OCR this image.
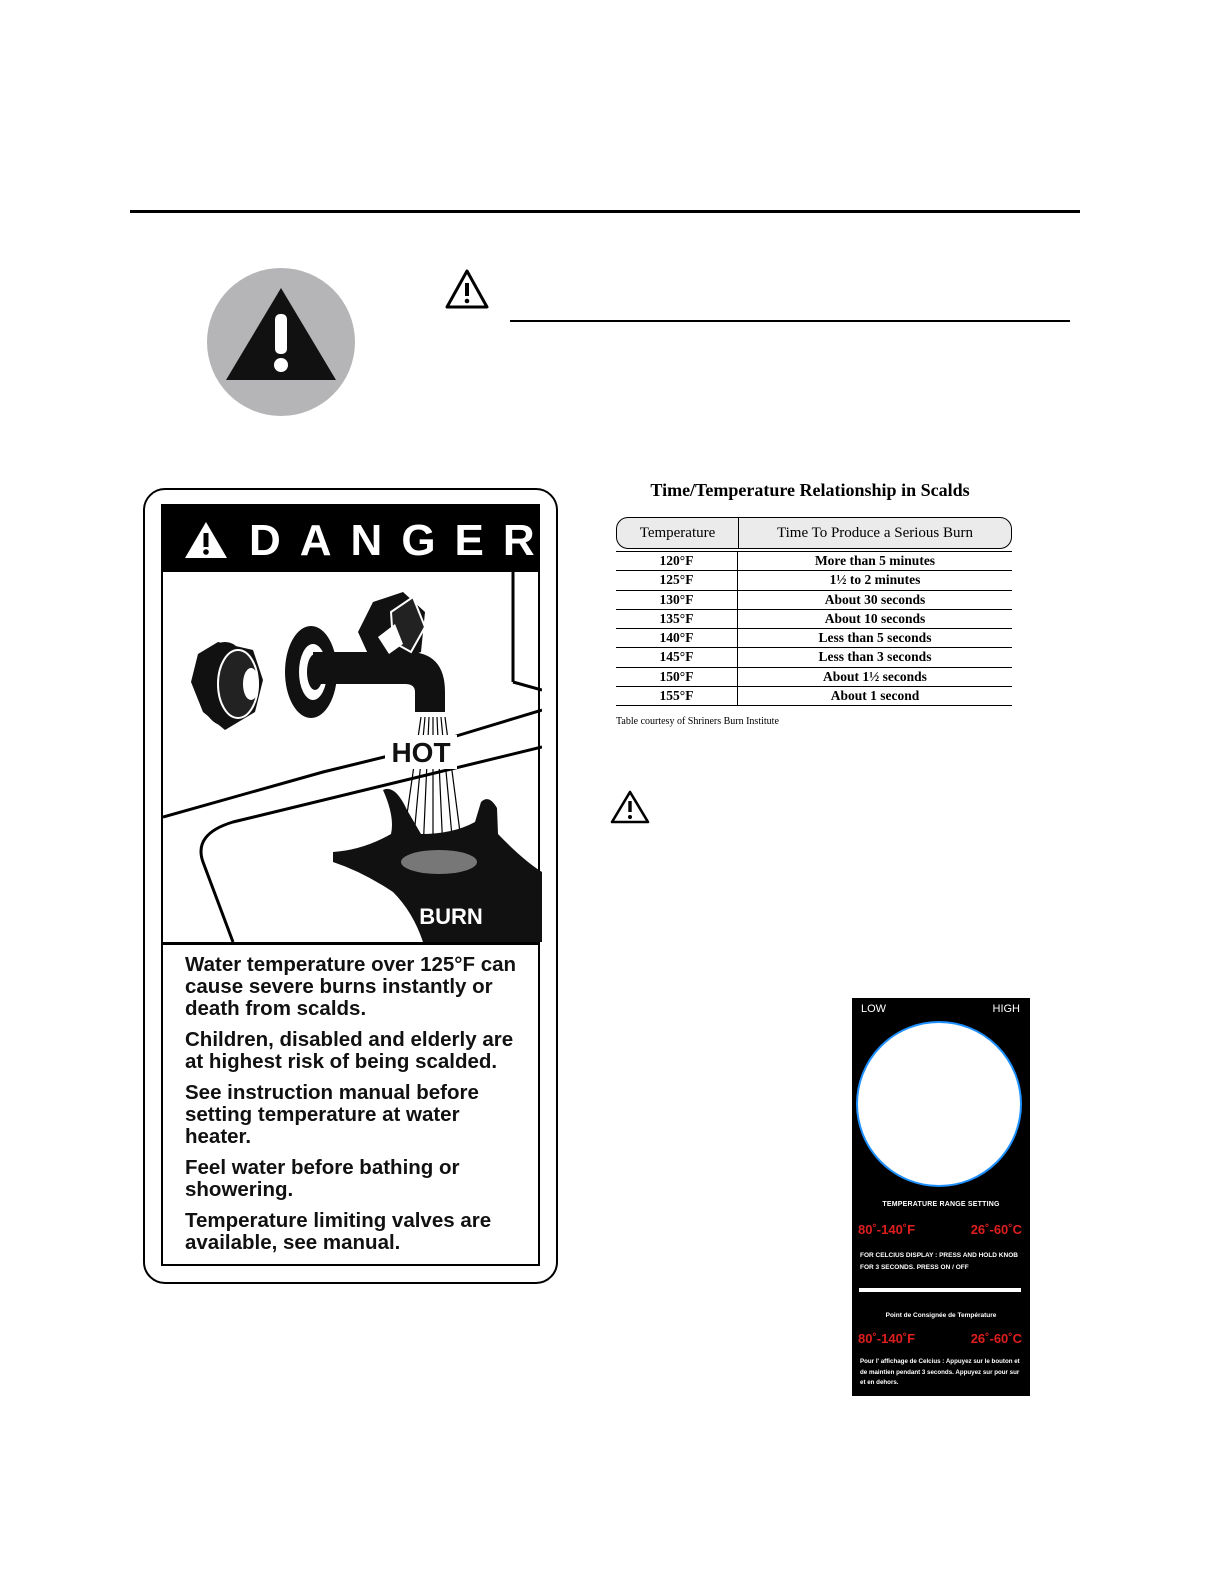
DANGER
HOT
BURN

Water temperature over 125°F can cause severe burns instantly or death from scalds.

Children, disabled and elderly are at highest risk of being scalded.

See instruction manual before setting temperature at water heater.

Feel water before bathing or showering.

Temperature limiting valves are available, see manual.

Time/Temperature Relationship in Scalds
Temperature	Time To Produce a Serious Burn
120°F	More than 5 minutes
125°F	1½ to 2 minutes
130°F	About 30 seconds
135°F	About 10 seconds
140°F	Less than 5 seconds
145°F	Less than 3 seconds
150°F	About 1½ seconds
155°F	About 1 second
Table courtesy of Shriners Burn Institute
LOW	HIGH
TEMPERATURE RANGE SETTING
80˚-140˚F	26˚-60˚C
FOR CELCIUS DISPLAY : PRESS AND HOLD KNOB FOR 3 SECONDS. PRESS ON / OFF
Point de Consignée de Température
80˚-140˚F	26˚-60˚C
Pour l' affichage de Celcius : Appuyez sur le bouton et de maintien pendant 3 seconds. Appuyez sur pour sur et en dehors.
